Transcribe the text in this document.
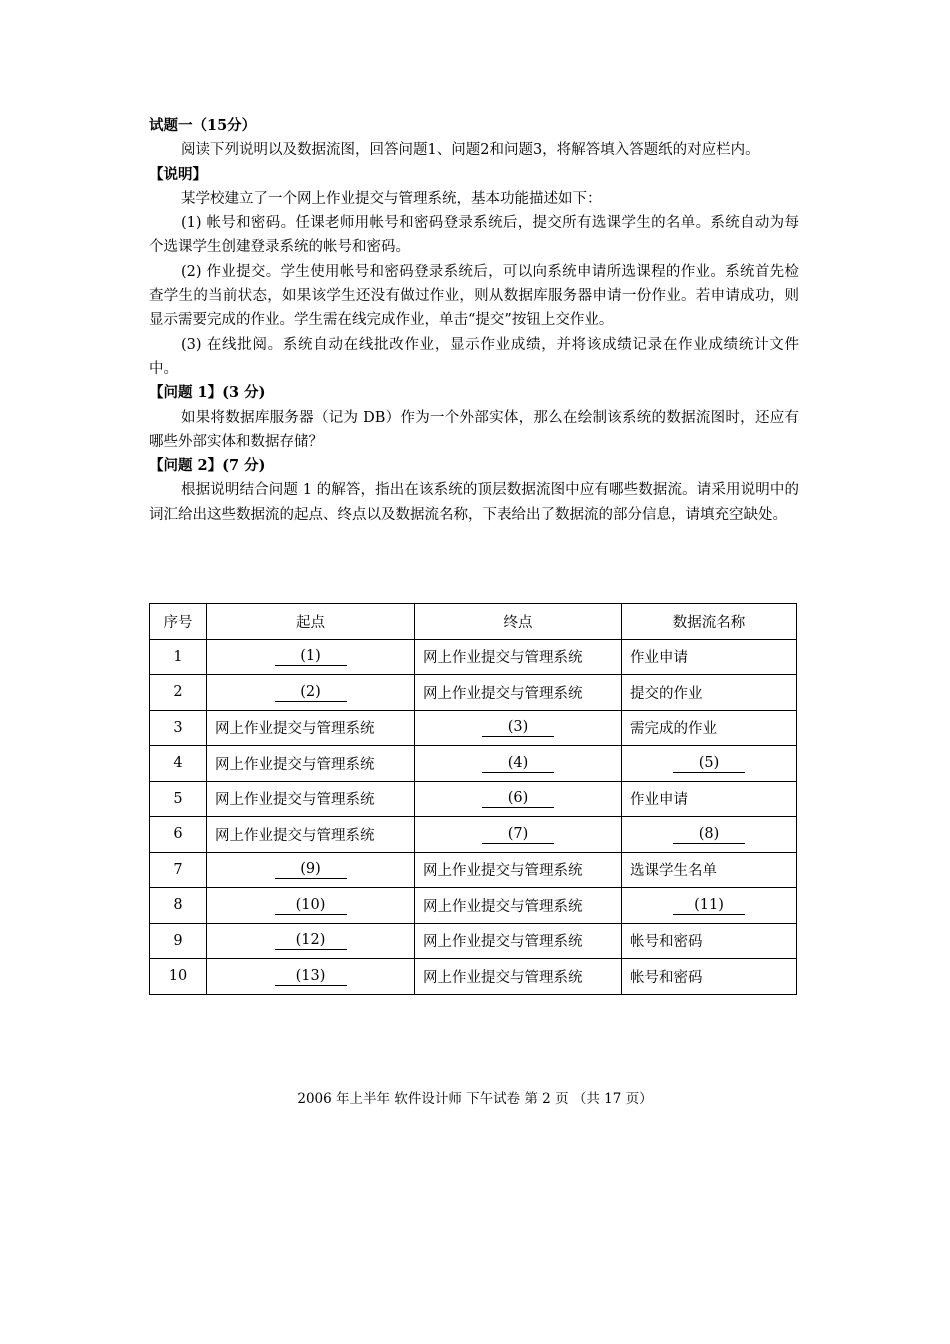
试题一（15分）

阅读下列说明以及数据流图，回答问题1、问题2和问题3，将解答填入答题纸的对应栏内。

【说明】

某学校建立了一个网上作业提交与管理系统，基本功能描述如下：

(1) 帐号和密码。任课老师用帐号和密码登录系统后，提交所有选课学生的名单。系统自动为每个选课学生创建登录系统的帐号和密码。

(2) 作业提交。学生使用帐号和密码登录系统后，可以向系统申请所选课程的作业。系统首先检查学生的当前状态，如果该学生还没有做过作业，则从数据库服务器申请一份作业。若申请成功，则显示需要完成的作业。学生需在线完成作业，单击“提交”按钮上交作业。

(3) 在线批阅。系统自动在线批改作业，显示作业成绩，并将该成绩记录在作业成绩统计文件中。

【问题 1】(3 分)

如果将数据库服务器（记为 DB）作为一个外部实体，那么在绘制该系统的数据流图时，还应有哪些外部实体和数据存储？

【问题 2】(7 分)

根据说明结合问题 1 的解答，指出在该系统的顶层数据流图中应有哪些数据流。请采用说明中的词汇给出这些数据流的起点、终点以及数据流名称，下表给出了数据流的部分信息，请填充空缺处。

序号	起点	终点	数据流名称
1	(1)	网上作业提交与管理系统	作业申请
2	(2)	网上作业提交与管理系统	提交的作业
3	网上作业提交与管理系统	(3)	需完成的作业
4	网上作业提交与管理系统	(4)	(5)
5	网上作业提交与管理系统	(6)	作业申请
6	网上作业提交与管理系统	(7)	(8)
7	(9)	网上作业提交与管理系统	选课学生名单
8	(10)	网上作业提交与管理系统	(11)
9	(12)	网上作业提交与管理系统	帐号和密码
10	(13)	网上作业提交与管理系统	帐号和密码
2006 年上半年 软件设计师 下午试卷 第 2 页 （共 17 页）
